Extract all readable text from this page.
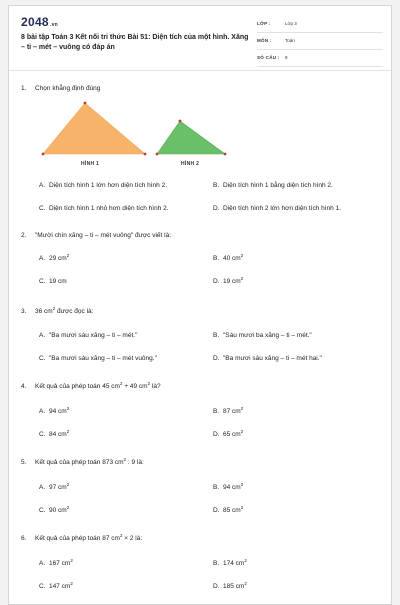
2048.vn
8 bài tập Toán 3 Kết nối tri thức Bài 51: Diện tích của một hình. Xăng – ti – mét – vuông có đáp án
LỚP :	Lớp 3
MÔN :	Toán
SỐ CÂU : 8
1. Chọn khẳng định đúng
HÌNH 1	HÌNH 2
A. Diện tích hình 1 lớn hơn diện tích hình 2.	B. Diện tích hình 1 bằng diện tích hình 2.
C. Diện tích hình 1 nhỏ hơn diện tích hình 2.	D. Diện tích hình 2 lớn hơn diện tích hình 1.
2. "Mười chín xăng – ti – mét vuông" được viết là:
A. 29 $cm^2$	B. 40 $cm^2$
C. 19 cm	D. 19 $cm^2$
3. 36 $cm^2$ được đọc là:
A. "Ba mươi sáu xăng – ti – mét."	B. "Sáu mươi ba xăng – ti – mét."
C. "Ba mươi sáu xăng – ti – mét vuông."	D. "Ba mươi sáu xăng – ti – mét hai."
4. Kết quả của phép toán 45 $cm^2 + 49$ $cm^2$ là?
A. 94 $cm^2$	B. 87 $cm^2$
C. 84 $cm^2$	D. 65 $cm^2$
5. Kết quả của phép toán 873 $cm^2$ : 9 là:
A. 97 $cm^2$	B. 94 $cm^2$
C. 90 $cm^2$	D. 85 $cm^2$
6. Kết quả của phép toán 87 $cm^2 \times 2$ là:
A. 167 $cm^2$	B. 174 $cm^2$
C. 147 $cm^2$	D. 185 $cm^2$
